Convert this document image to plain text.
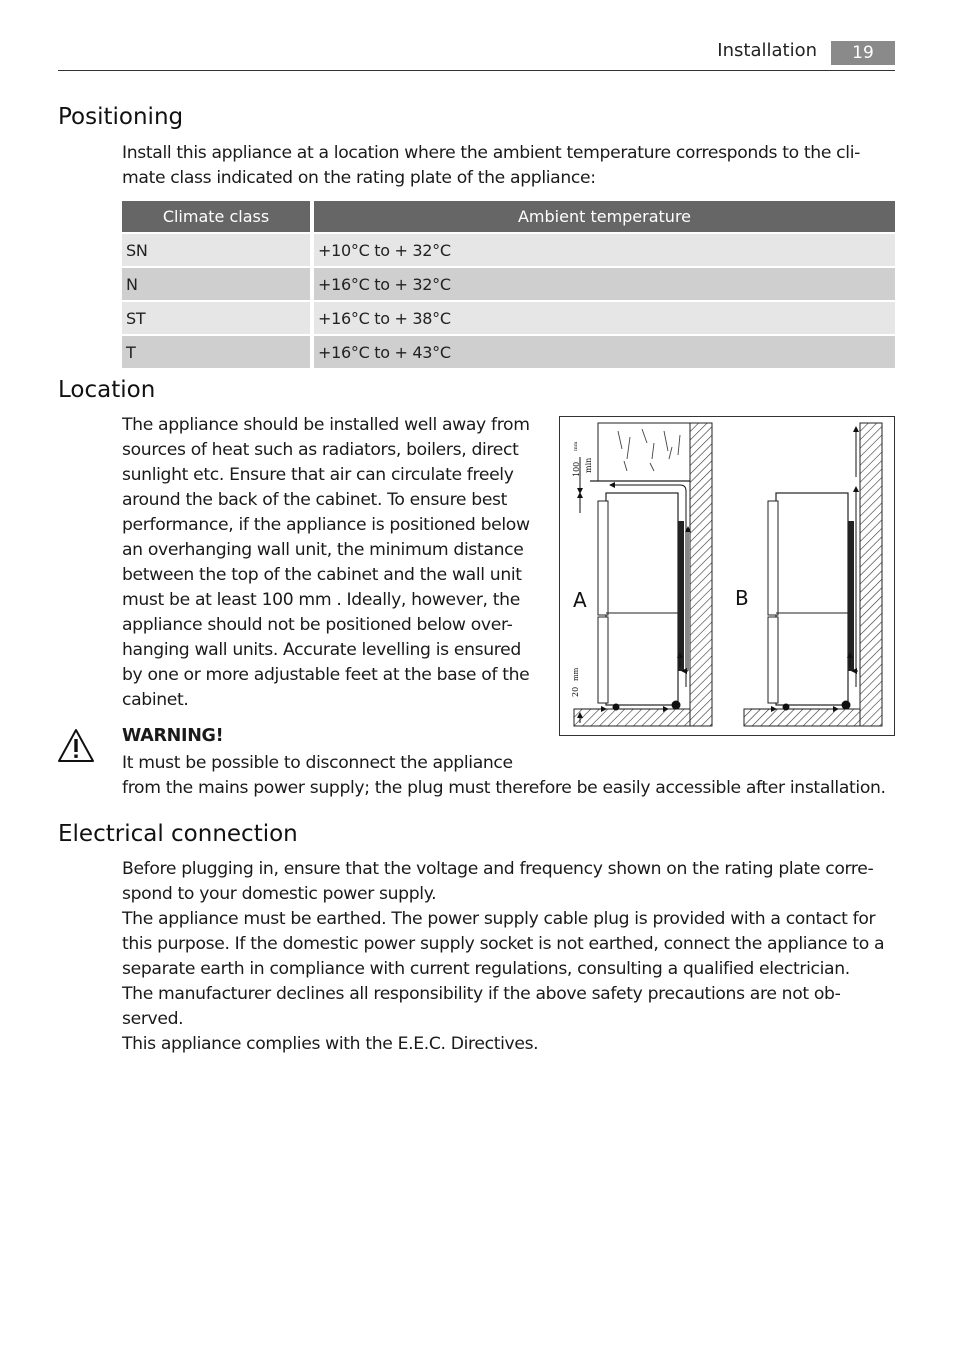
Installation	19
Positioning
Install this appliance at a location where the ambient temperature corresponds to the cli-
mate class indicated on the rating plate of the appliance:
Climate class	Ambient temperature
SN	+10°C to + 32°C
N	+16°C to + 32°C
ST	+16°C to + 38°C
T	+16°C to + 43°C
Location
The appliance should be installed well away from
sources of heat such as radiators, boilers, direct
sunlight etc. Ensure that air can circulate freely
around the back of the cabinet. To ensure best
performance, if the appliance is positioned below
an overhanging wall unit, the minimum distance
between the top of the cabinet and the wall unit
must be at least 100 mm . Ideally, however, the
appliance should not be positioned below over-
hanging wall units. Accurate levelling is ensured
by one or more adjustable feet at the base of the
cabinet.
100
mm
min
20
mm
A	B
WARNING!
It must be possible to disconnect the appliance
from the mains power supply; the plug must therefore be easily accessible after installation.
Electrical connection
Before plugging in, ensure that the voltage and frequency shown on the rating plate corre-
spond to your domestic power supply.
The appliance must be earthed. The power supply cable plug is provided with a contact for
this purpose. If the domestic power supply socket is not earthed, connect the appliance to a
separate earth in compliance with current regulations, consulting a qualified electrician.
The manufacturer declines all responsibility if the above safety precautions are not ob-
served.
This appliance complies with the E.E.C. Directives.
